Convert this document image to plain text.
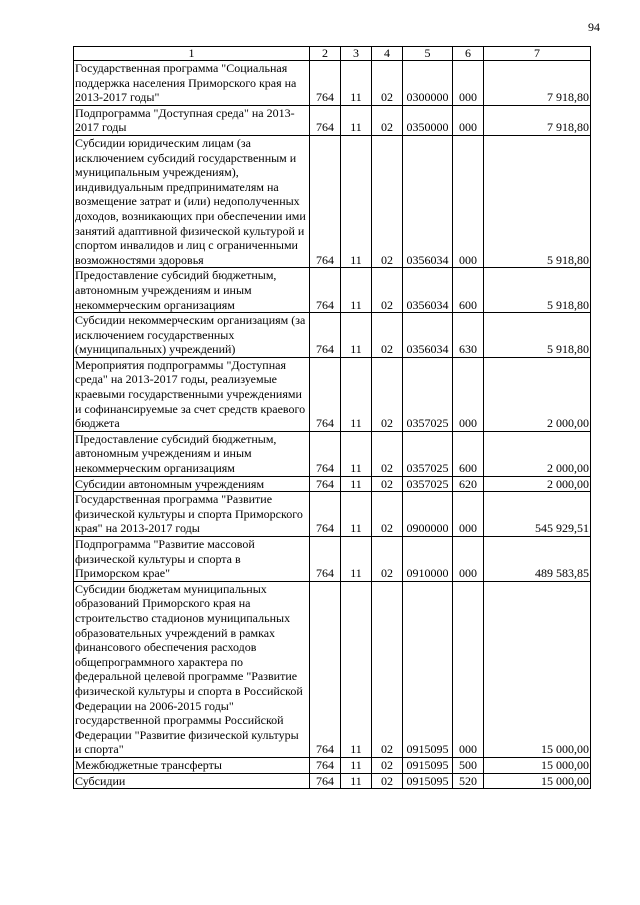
94
1	2	3	4	5	6	7
Государственная программа "Социальная поддержка населения Приморского края на 2013-2017 годы"	764	11	02	0300000	000	7 918,80
Подпрограмма "Доступная среда" на 2013-2017 годы	764	11	02	0350000	000	7 918,80
Субсидии юридическим лицам (за исключением субсидий государственным и муниципальным учреждениям), индивидуальным предпринимателям на возмещение затрат и (или) недополученных доходов, возникающих при обеспечении ими занятий адаптивной физической культурой и спортом инвалидов и лиц с ограниченными возможностями здоровья	764	11	02	0356034	000	5 918,80
Предоставление субсидий бюджетным, автономным учреждениям и иным некоммерческим организациям	764	11	02	0356034	600	5 918,80
Субсидии некоммерческим организациям (за исключением государственных (муниципальных) учреждений)	764	11	02	0356034	630	5 918,80
Мероприятия подпрограммы "Доступная среда" на 2013-2017 годы, реализуемые краевыми государственными учреждениями и софинансируемые за счет средств краевого бюджета	764	11	02	0357025	000	2 000,00
Предоставление субсидий бюджетным, автономным учреждениям и иным некоммерческим организациям	764	11	02	0357025	600	2 000,00
Субсидии автономным учреждениям	764	11	02	0357025	620	2 000,00
Государственная программа "Развитие физической культуры и спорта Приморского края" на 2013-2017 годы	764	11	02	0900000	000	545 929,51
Подпрограмма "Развитие массовой физической культуры и спорта в Приморском крае"	764	11	02	0910000	000	489 583,85
Субсидии бюджетам муниципальных образований Приморского края на строительство стадионов муниципальных образовательных учреждений в рамках финансового обеспечения расходов общепрограммного характера по федеральной целевой программе "Развитие физической культуры и спорта в Российской Федерации на 2006-2015 годы" государственной программы Российской Федерации "Развитие физической культуры и спорта"	764	11	02	0915095	000	15 000,00
Межбюджетные трансферты	764	11	02	0915095	500	15 000,00
Субсидии	764	11	02	0915095	520	15 000,00
